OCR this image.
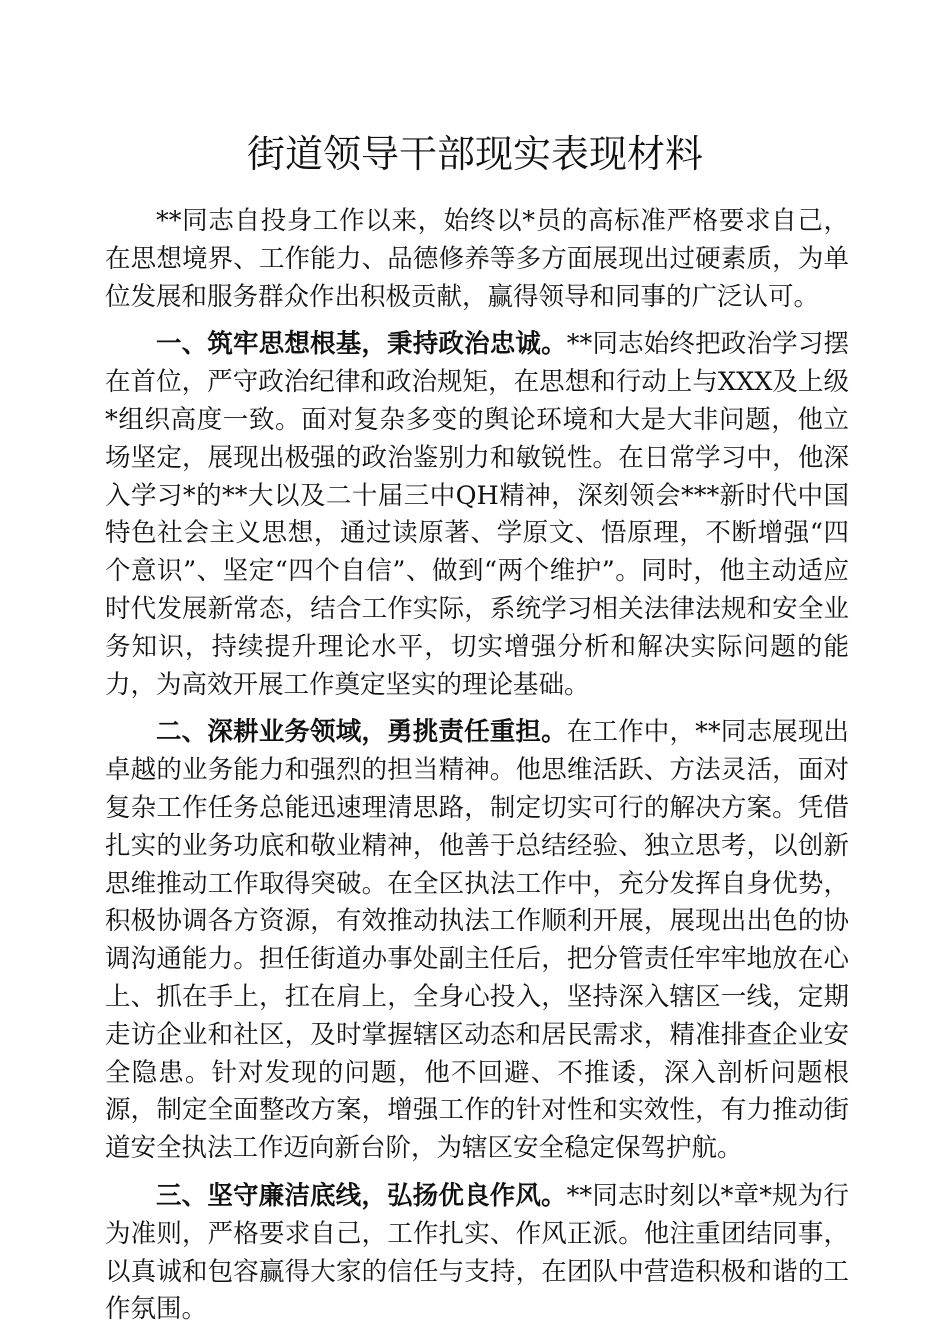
街道领导干部现实表现材料

**同志自投身工作以来，始终以*员的高标准严格要求自己，在思想境界、工作能力、品德修养等多方面展现出过硬素质，为单位发展和服务群众作出积极贡献，赢得领导和同事的广泛认可。

一、筑牢思想根基，秉持政治忠诚。**同志始终把政治学习摆在首位，严守政治纪律和政治规矩，在思想和行动上与XXX及上级*组织高度一致。面对复杂多变的舆论环境和大是大非问题，他立场坚定，展现出极强的政治鉴别力和敏锐性。在日常学习中，他深入学习*的**大以及二十届三中QH精神，深刻领会***新时代中国特色社会主义思想，通过读原著、学原文、悟原理，不断增强“四个意识”、坚定“四个自信”、做到“两个维护”。同时，他主动适应时代发展新常态，结合工作实际，系统学习相关法律法规和安全业务知识，持续提升理论水平，切实增强分析和解决实际问题的能力，为高效开展工作奠定坚实的理论基础。

二、深耕业务领域，勇挑责任重担。在工作中，**同志展现出卓越的业务能力和强烈的担当精神。他思维活跃、方法灵活，面对复杂工作任务总能迅速理清思路，制定切实可行的解决方案。凭借扎实的业务功底和敬业精神，他善于总结经验、独立思考，以创新思维推动工作取得突破。在全区执法工作中，充分发挥自身优势，积极协调各方资源，有效推动执法工作顺利开展，展现出出色的协调沟通能力。担任街道办事处副主任后，把分管责任牢牢地放在心上、抓在手上，扛在肩上，全身心投入，坚持深入辖区一线，定期走访企业和社区，及时掌握辖区动态和居民需求，精准排查企业安全隐患。针对发现的问题，他不回避、不推诿，深入剖析问题根源，制定全面整改方案，增强工作的针对性和实效性，有力推动街道安全执法工作迈向新台阶，为辖区安全稳定保驾护航。

三、坚守廉洁底线，弘扬优良作风。**同志时刻以*章*规为行为准则，严格要求自己，工作扎实、作风正派。他注重团结同事，以真诚和包容赢得大家的信任与支持，在团队中营造积极和谐的工作氛围。
